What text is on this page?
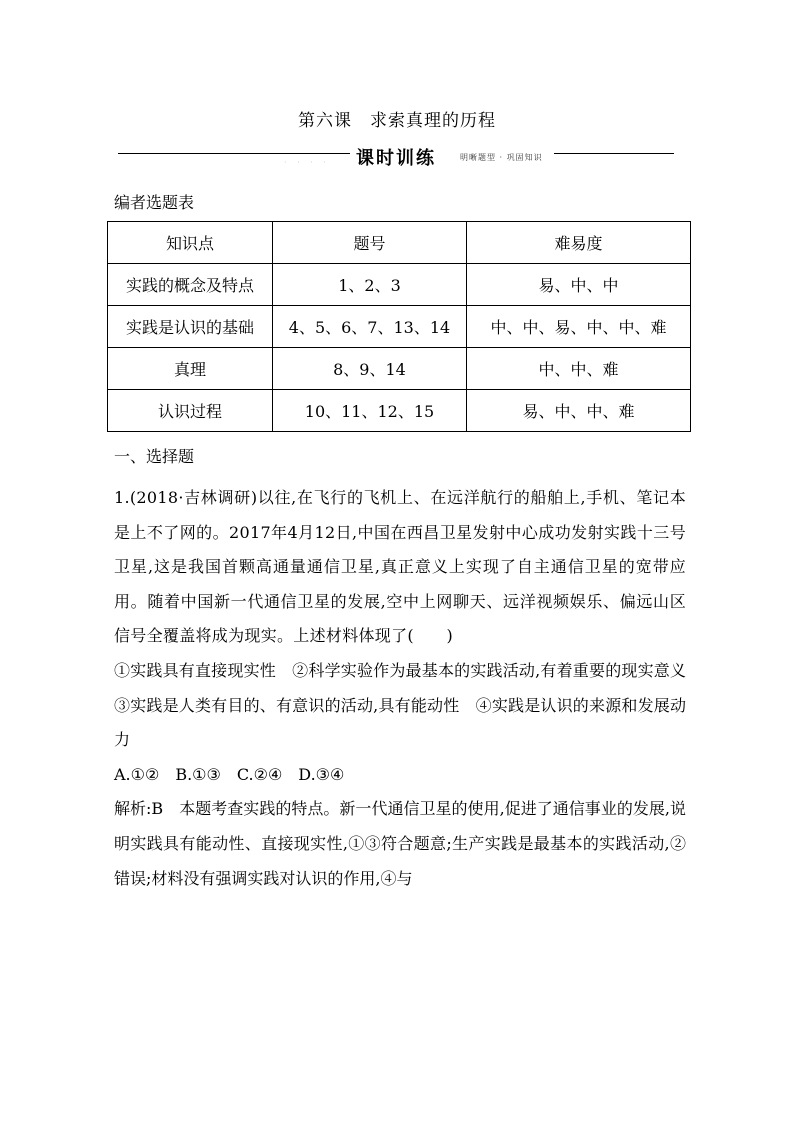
第六课　求索真理的历程
· · · · 课时训练	明晰题型 · 巩固知识
编者选题表
知识点	题号	难易度
实践的概念及特点	1、2、3	易、中、中
实践是认识的基础	4、5、6、7、13、14	中、中、易、中、中、难
真理	8、9、14	中、中、难
认识过程	10、11、12、15	易、中、中、难
一、选择题

1.(2018·吉林调研)以往,在飞行的飞机上、在远洋航行的船舶上,手机、笔记本是上不了网的。2017年4月12日,中国在西昌卫星发射中心成功发射实践十三号卫星,这是我国首颗高通量通信卫星,真正意义上实现了自主通信卫星的宽带应用。随着中国新一代通信卫星的发展,空中上网聊天、远洋视频娱乐、偏远山区信号全覆盖将成为现实。上述材料体现了(　　)

①实践具有直接现实性　②科学实验作为最基本的实践活动,有着重要的现实意义　③实践是人类有目的、有意识的活动,具有能动性　④实践是认识的来源和发展动力

A.①②　B.①③　C.②④　D.③④

解析:B　本题考查实践的特点。新一代通信卫星的使用,促进了通信事业的发展,说明实践具有能动性、直接现实性,①③符合题意;生产实践是最基本的实践活动,②错误;材料没有强调实践对认识的作用,④与
